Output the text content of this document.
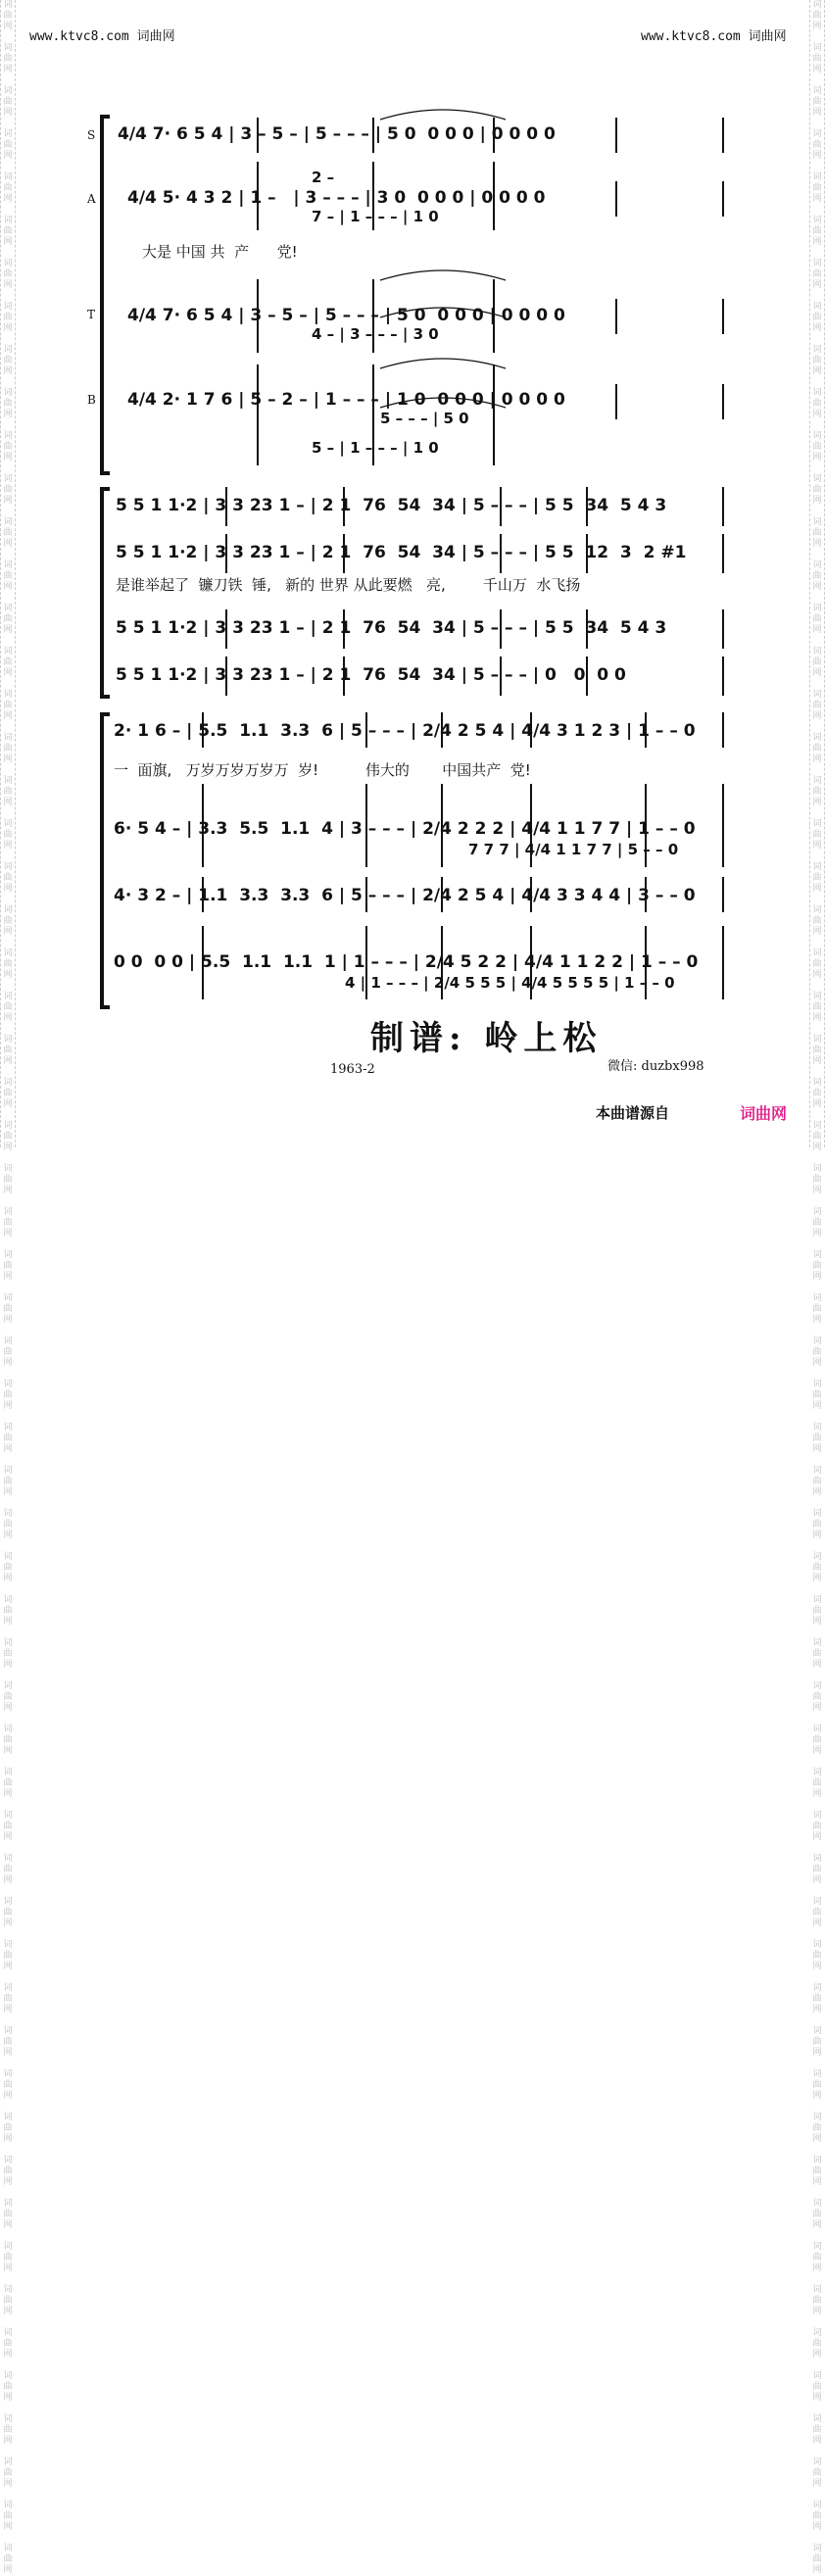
词
曲
网

词
曲
网

词
曲
网

词
曲
网

词
曲
网

词
曲
网

词
曲
网

词
曲
网

词
曲
网

词
曲
网

词
曲
网

词
曲
网

词
曲
网

词
曲
网

词
曲
网

词
曲
网

词
曲
网

词
曲
网

词
曲
网

词
曲
网

词
曲
网

词
曲
网

词
曲
网

词
曲
网

词
曲
网

词
曲
网

词
曲
网

词
曲
网

词
曲
网

词
曲
网

词
曲
网

词
曲
网

词
曲
网

词
曲
网

词
曲
网

词
曲
网

词
曲
网

词
曲
网

词
曲
网

词
曲
网

词
曲
网

词
曲
网

词
曲
网

词
曲
网

词
曲
网

词
曲
网

词
曲
网

词
曲
网

词
曲
网

词
曲
网

词
曲
网

词
曲
网

词
曲
网

词
曲
网

词
曲
网

词
曲
网

词
曲
网

词
曲
网

词
曲
网

词
曲
网

词
曲
网

词
曲
网

词
曲
网

词
曲
网

词
曲
网

词
曲
网

词
曲
网

词
曲
网

词
曲
网

词
曲
网

词
曲
网

词
曲
网

词
曲
网

词
曲
网

词
曲
网

词
曲
网

词
曲
网

词
曲
网

词
曲
网

词
曲
网

词
曲
网

词
曲
网

词
曲
网

词
曲
网

词
曲
网

词
曲
网

词
曲
网

词
曲
网

词
曲
网

词
曲
网

词
曲
网

词
曲
网

词
曲
网

词
曲
网

词
曲
网

词
曲
网

词
曲
网

词
曲
网

词
曲
网

词
曲
网

词
曲
网

词
曲
网

词
曲
网

词
曲
网

词
曲
网

词
曲
网

词
曲
网

词
曲
网

词
曲
网

词
曲
网

词
曲
网

词
曲
网

词
曲
网

词
曲
网

词
曲
网

词
曲
网

词
曲
网

词
曲
网

词
曲
网

词
曲
网

www.ktvc8.com 词曲网	www.ktvc8.com 词曲网
S
A
T
B
4/4 7· 6 5 4 | 3 – 5 – | 5 – – – | 5 0  0 0 0 | 0 0 0 0
2 –
4/4 5· 4 3 2 | 1 –   | 3 – – – | 3 0  0 0 0 | 0 0 0 0
7 – | 1 – – – | 1 0
大是 中国 共  产      党!
4/4 7· 6 5 4 | 3 – 5 – | 5 – – – | 5 0  0 0 0 | 0 0 0 0
4 – | 3 – – – | 3 0
4/4 2· 1 7 6 | 5 – 2 – | 1 – – – | 1 0  0 0 0 | 0 0 0 0
5 – – – | 5 0
5 – | 1 – – – | 1 0
5 5 1 1·2 | 3 3 23 1 – | 2 1  76  54  34 | 5 – – – | 5 5  34  5 4 3
5 5 1 1·2 | 3 3 23 1 – | 2 1  76  54  34 | 5 – – – | 5 5  12  3  2 #1
是谁举起了  镰刀铁  锤,   新的 世界 从此要燃   亮,        千山万  水飞扬
5 5 1 1·2 | 3 3 23 1 – | 2 1  76  54  34 | 5 – – – | 5 5  34  5 4 3
5 5 1 1·2 | 3 3 23 1 – | 2 1  76  54  34 | 5 – – – | 0   0  0 0
2· 1 6 – | 5.5  1.1  3.3  6 | 5 – – – | 2/4 2 5 4 | 4/4 3 1 2 3 | 1 – – 0
一  面旗,   万岁万岁万岁万  岁!          伟大的       中国共产  党!
6· 5 4 – | 3.3  5.5  1.1  4 | 3 – – – | 2/4 2 2 2 | 4/4 1 1 7 7 | 1 – – 0
7 7 7 | 4/4 1 1 7 7 | 5 – – 0
4· 3 2 – | 1.1  3.3  3.3  6 | 5 – – – | 2/4 2 5 4 | 4/4 3 3 4 4 | 3 – – 0
0 0  0 0 | 5.5  1.1  1.1  1 | 1 – – – | 2/4 5 2 2 | 4/4 1 1 2 2 | 1 – – 0
4 | 1 – – – | 2/4 5 5 5 | 4/4 5 5 5 5 | 1 – – 0
制谱: 岭上松
1963-2	微信: duzbx998
本曲谱源自	词曲网
